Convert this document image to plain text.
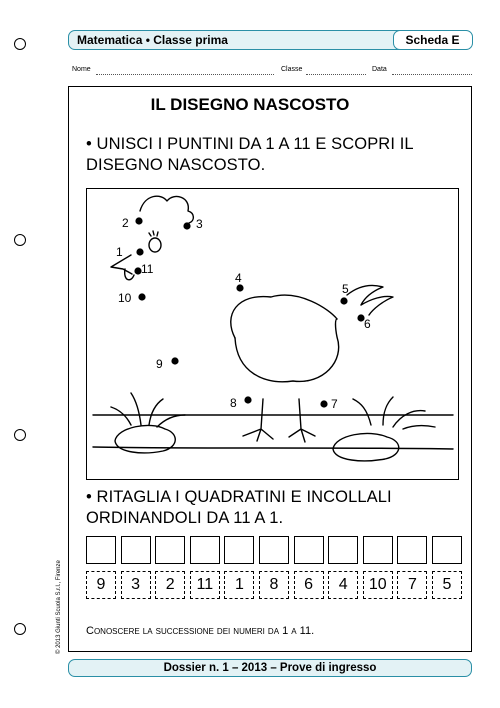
Matematica • Classe prima	Scheda E
Nome	Classe	Data
IL DISEGNO NASCOSTO
• UNISCI I PUNTINI DA 1 A 11 E SCOPRI IL DISEGNO NASCOSTO.
1
2	3
4
5
6
7
8
9
10
11
• RITAGLIA I QUADRATINI E INCOLLALI ORDINANDOLI DA 11 A 1.
9	3	2	11	1	8	6	4	10	7	5
Conoscere la successione dei numeri da 1 a 11.
© 2013 Giunti Scuola S.r.l., Firenze
Dossier n. 1 – 2013 – Prove di ingresso
